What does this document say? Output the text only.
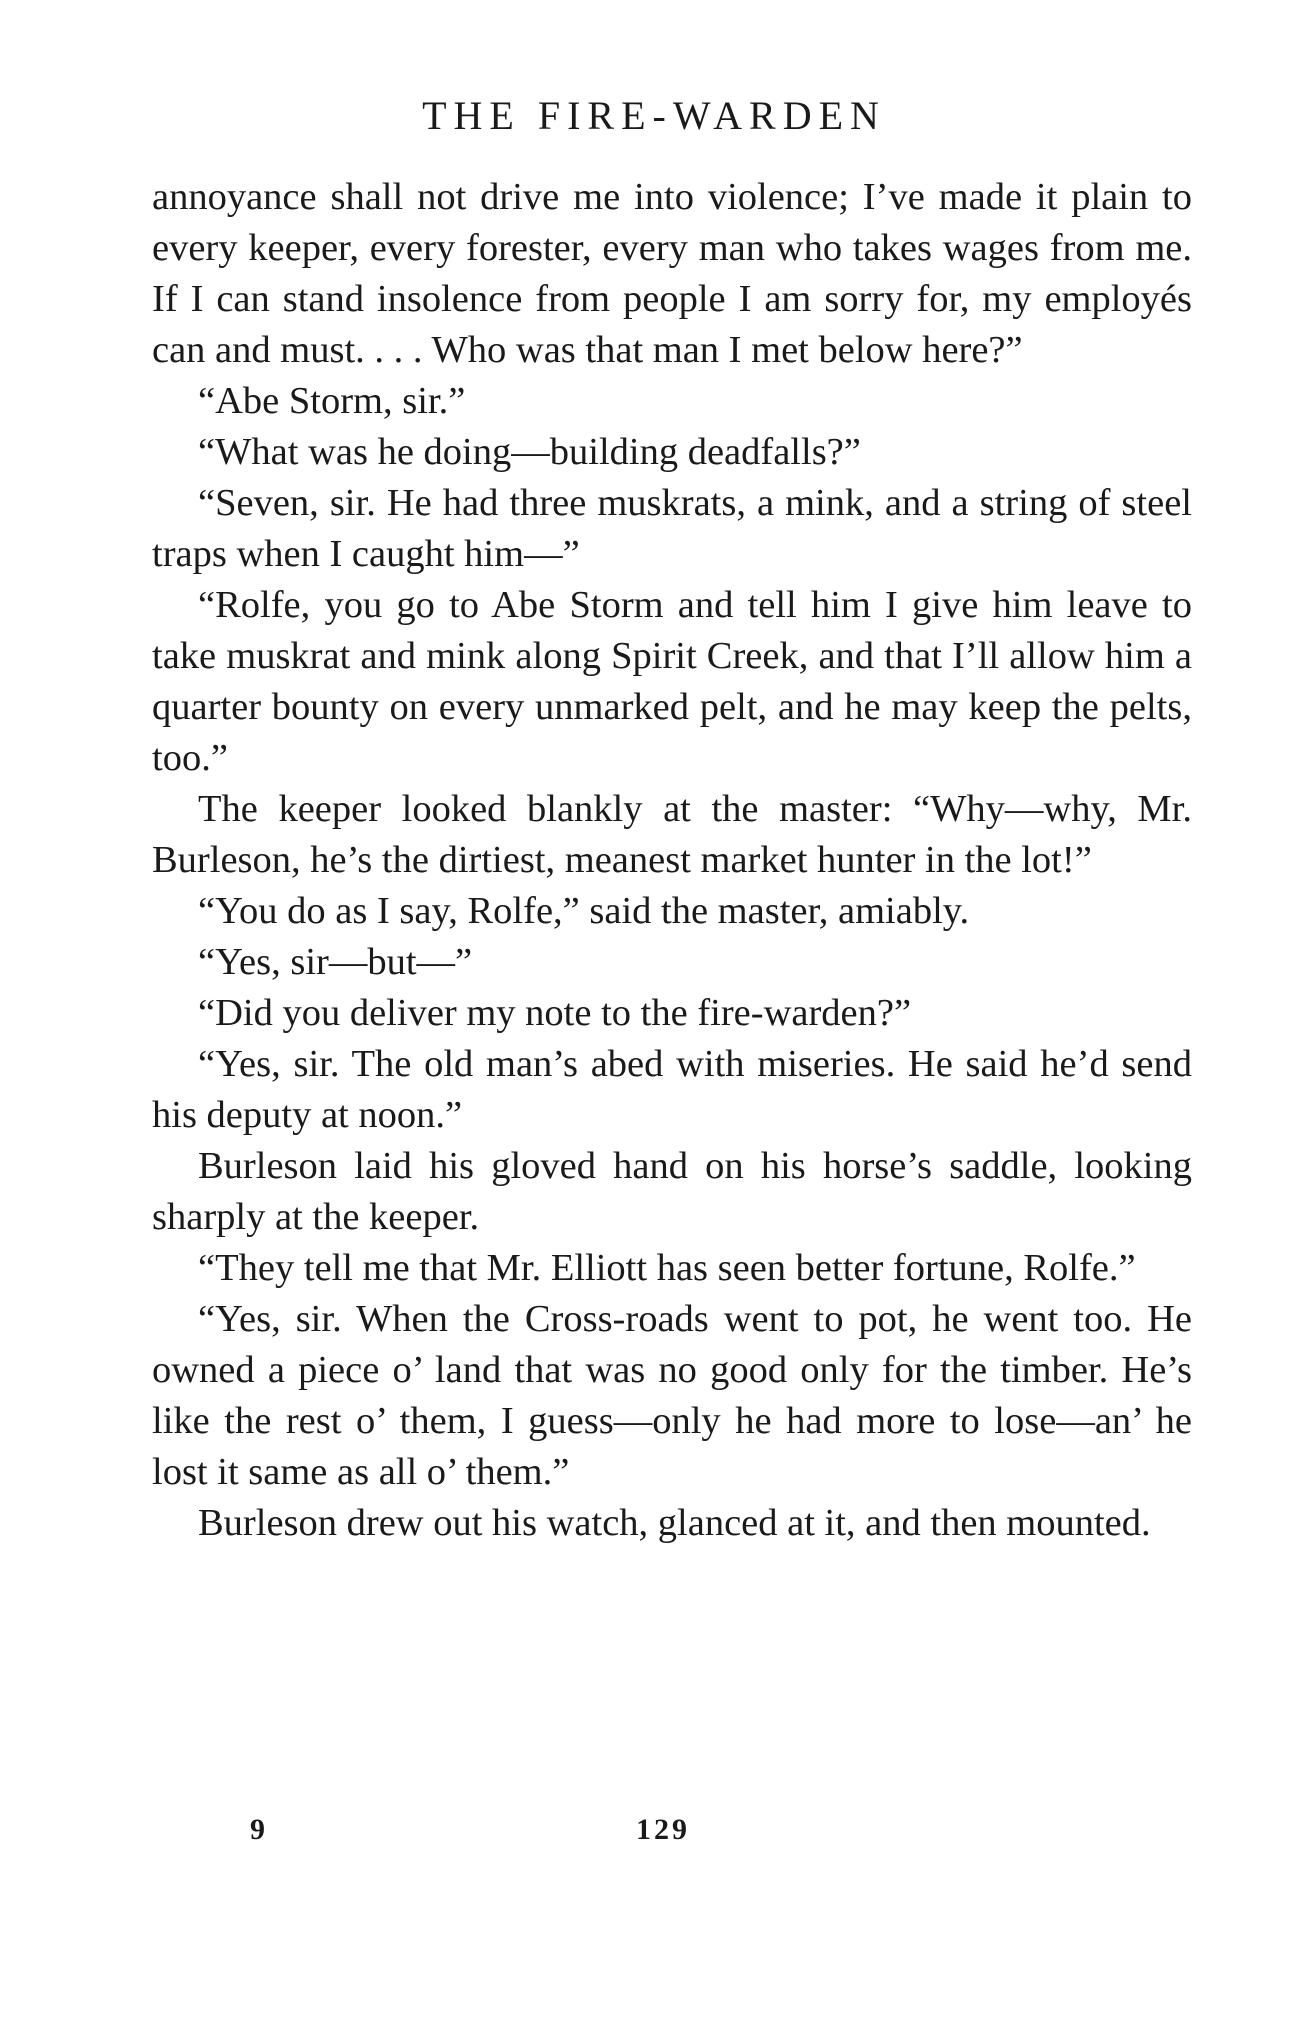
THE FIRE-WARDEN

annoyance shall not drive me into violence; I’ve made it plain to every keeper, every forester, every man who takes wages from me. If I can stand insolence from people I am sorry for, my employés can and must. . . . Who was that man I met below here?”

“Abe Storm, sir.”

“What was he doing—building deadfalls?”

“Seven, sir. He had three muskrats, a mink, and a string of steel traps when I caught him—”

“Rolfe, you go to Abe Storm and tell him I give him leave to take muskrat and mink along Spirit Creek, and that I’ll allow him a quarter bounty on every unmarked pelt, and he may keep the pelts, too.”

The keeper looked blankly at the master: “Why—why, Mr. Burleson, he’s the dirtiest, meanest market hunter in the lot!”

“You do as I say, Rolfe,” said the master, amiably.

“Yes, sir—but—”

“Did you deliver my note to the fire-warden?”

“Yes, sir. The old man’s abed with miseries. He said he’d send his deputy at noon.”

Burleson laid his gloved hand on his horse’s saddle, looking sharply at the keeper.

“They tell me that Mr. Elliott has seen better fortune, Rolfe.”

“Yes, sir. When the Cross-roads went to pot, he went too. He owned a piece o’ land that was no good only for the timber. He’s like the rest o’ them, I guess—only he had more to lose—an’ he lost it same as all o’ them.”

Burleson drew out his watch, glanced at it, and then mounted.

9	129
